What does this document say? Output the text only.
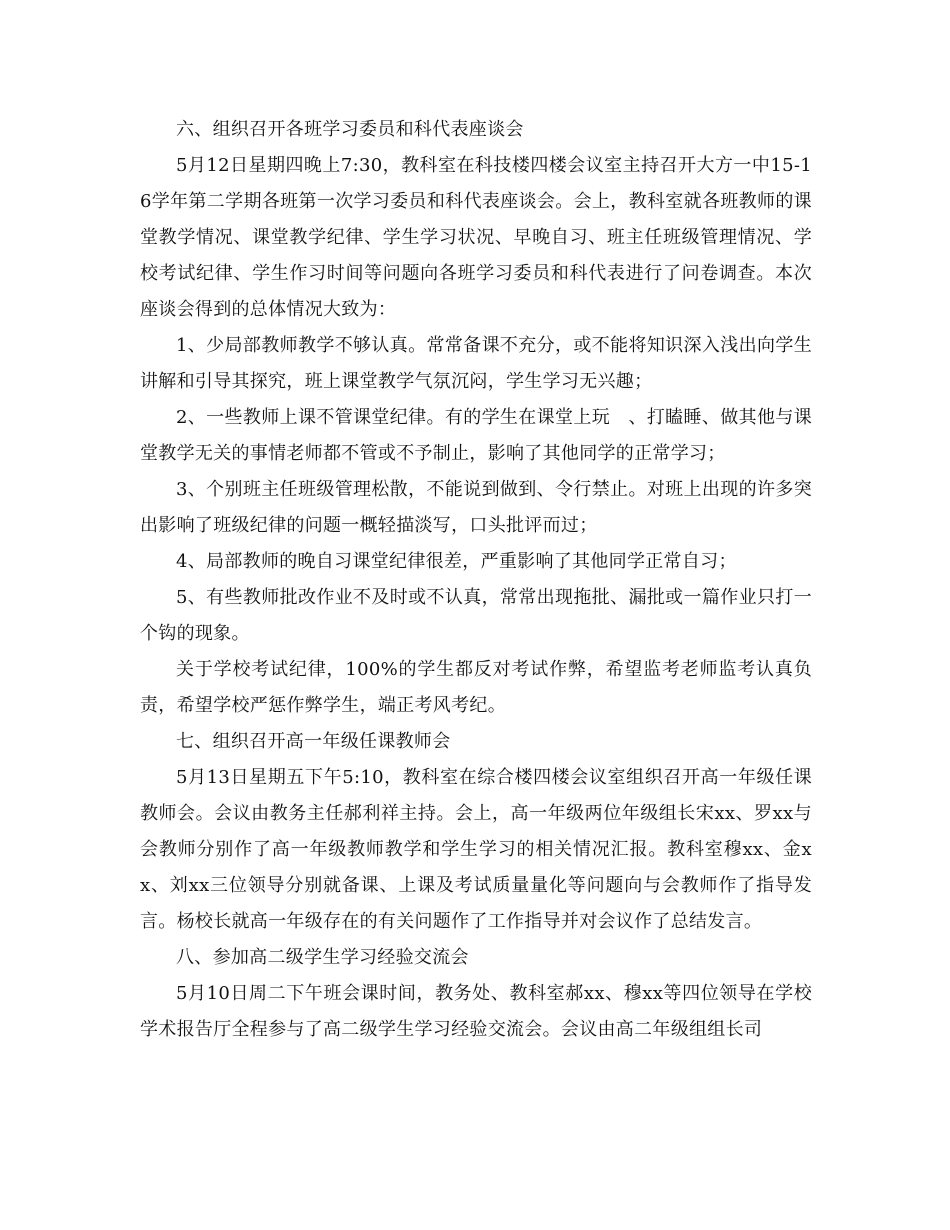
六、组织召开各班学习委员和科代表座谈会

5月12日星期四晚上7:30，教科室在科技楼四楼会议室主持召开大方一中15-16学年第二学期各班第一次学习委员和科代表座谈会。会上，教科室就各班教师的课堂教学情况、课堂教学纪律、学生学习状况、早晚自习、班主任班级管理情况、学校考试纪律、学生作习时间等问题向各班学习委员和科代表进行了问卷调查。本次座谈会得到的总体情况大致为：

1、少局部教师教学不够认真。常常备课不充分，或不能将知识深入浅出向学生讲解和引导其探究，班上课堂教学气氛沉闷，学生学习无兴趣；

2、一些教师上课不管课堂纪律。有的学生在课堂上玩　、打瞌睡、做其他与课堂教学无关的事情老师都不管或不予制止，影响了其他同学的正常学习；

3、个别班主任班级管理松散，不能说到做到、令行禁止。对班上出现的许多突出影响了班级纪律的问题一概轻描淡写，口头批评而过；

4、局部教师的晚自习课堂纪律很差，严重影响了其他同学正常自习；

5、有些教师批改作业不及时或不认真，常常出现拖批、漏批或一篇作业只打一个钩的现象。

关于学校考试纪律，100%的学生都反对考试作弊，希望监考老师监考认真负责，希望学校严惩作弊学生，端正考风考纪。

七、组织召开高一年级任课教师会

5月13日星期五下午5:10，教科室在综合楼四楼会议室组织召开高一年级任课教师会。会议由教务主任郝利祥主持。会上，高一年级两位年级组长宋xx、罗xx与会教师分别作了高一年级教师教学和学生学习的相关情况汇报。教科室穆xx、金xx、刘xx三位领导分别就备课、上课及考试质量量化等问题向与会教师作了指导发言。杨校长就高一年级存在的有关问题作了工作指导并对会议作了总结发言。

八、参加高二级学生学习经验交流会

5月10日周二下午班会课时间，教务处、教科室郝xx、穆xx等四位领导在学校学术报告厅全程参与了高二级学生学习经验交流会。会议由高二年级组组长司
